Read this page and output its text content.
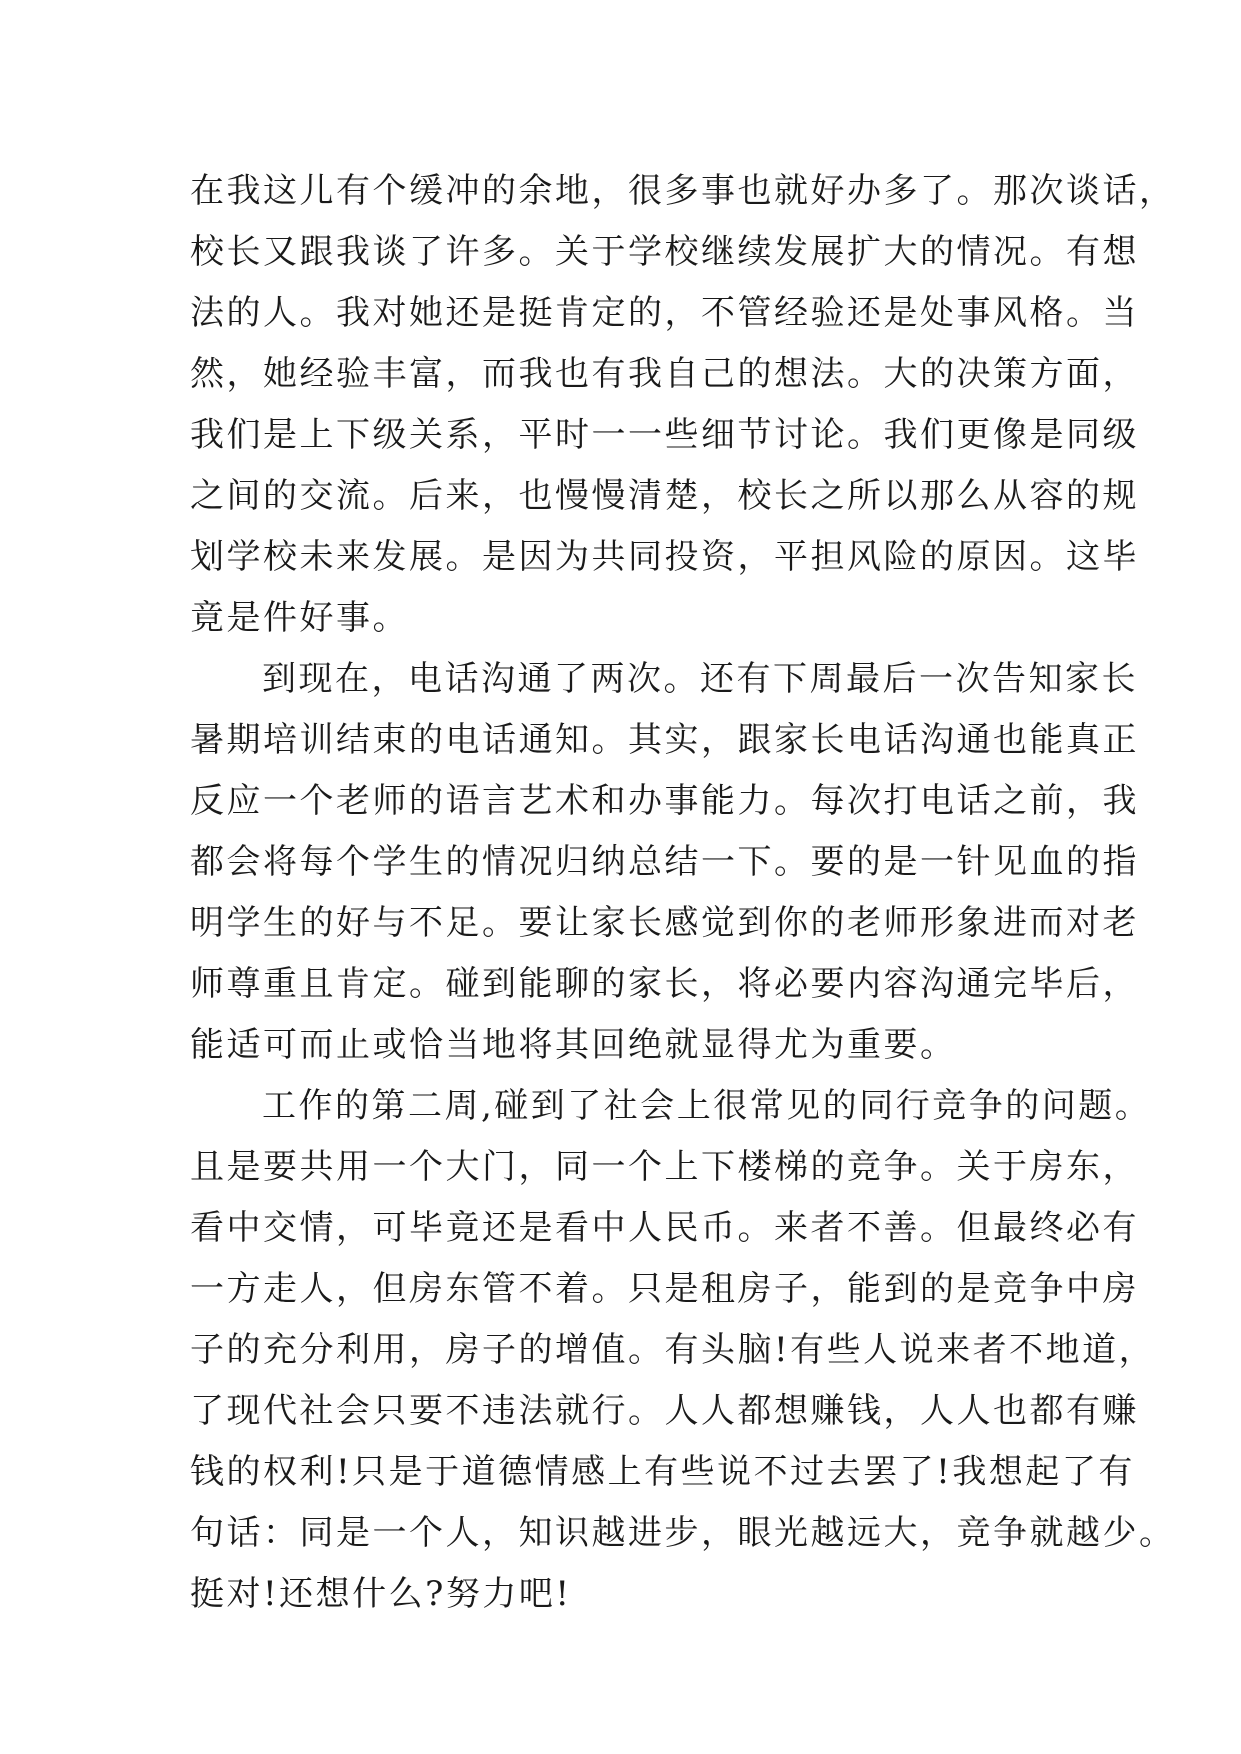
在我这儿有个缓冲的余地，很多事也就好办多了。那次谈话，
校长又跟我谈了许多。关于学校继续发展扩大的情况。有想
法的人。我对她还是挺肯定的，不管经验还是处事风格。当
然，她经验丰富，而我也有我自己的想法。大的决策方面，
我们是上下级关系，平时一一些细节讨论。我们更像是同级
之间的交流。后来，也慢慢清楚，校长之所以那么从容的规
划学校未来发展。是因为共同投资，平担风险的原因。这毕
竟是件好事。
到现在，电话沟通了两次。还有下周最后一次告知家长
暑期培训结束的电话通知。其实，跟家长电话沟通也能真正
反应一个老师的语言艺术和办事能力。每次打电话之前，我
都会将每个学生的情况归纳总结一下。要的是一针见血的指
明学生的好与不足。要让家长感觉到你的老师形象进而对老
师尊重且肯定。碰到能聊的家长，将必要内容沟通完毕后，
能适可而止或恰当地将其回绝就显得尤为重要。
工作的第二周,碰到了社会上很常见的同行竞争的问题。
且是要共用一个大门，同一个上下楼梯的竞争。关于房东，
看中交情，可毕竟还是看中人民币。来者不善。但最终必有
一方走人，但房东管不着。只是租房子，能到的是竞争中房
子的充分利用，房子的增值。有头脑!有些人说来者不地道，
了现代社会只要不违法就行。人人都想赚钱，人人也都有赚
钱的权利!只是于道德情感上有些说不过去罢了!我想起了有
句话：同是一个人，知识越进步，眼光越远大，竞争就越少。
挺对!还想什么?努力吧!
